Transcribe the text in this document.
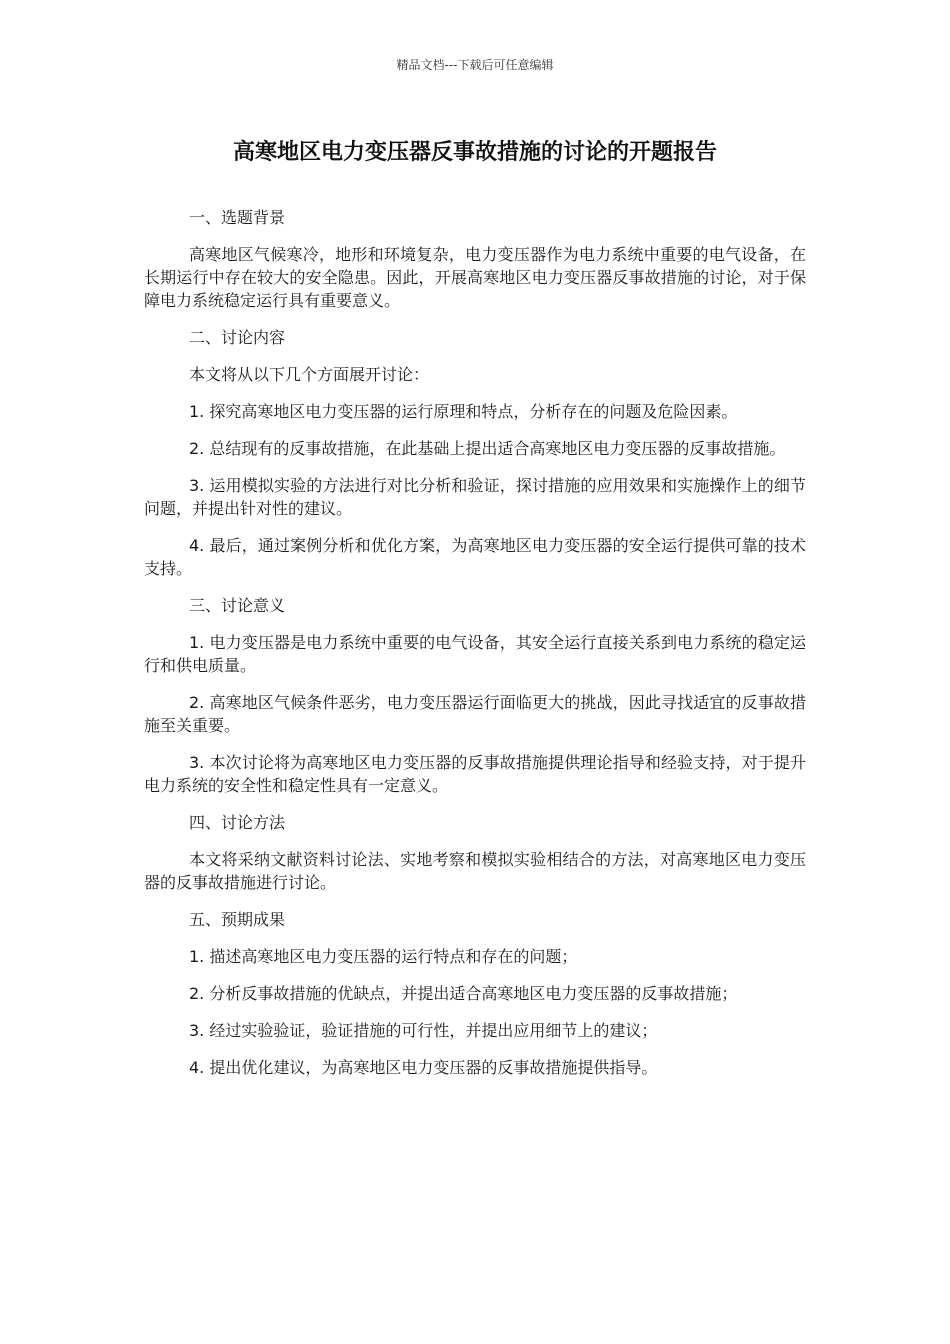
精品文档---下载后可任意编辑
高寒地区电力变压器反事故措施的讨论的开题报告

一、选题背景

高寒地区气候寒冷，地形和环境复杂，电力变压器作为电力系统中重要的电气设备，在长期运行中存在较大的安全隐患。因此，开展高寒地区电力变压器反事故措施的讨论，对于保障电力系统稳定运行具有重要意义。

二、讨论内容

本文将从以下几个方面展开讨论：

1. 探究高寒地区电力变压器的运行原理和特点，分析存在的问题及危险因素。

2. 总结现有的反事故措施，在此基础上提出适合高寒地区电力变压器的反事故措施。

3. 运用模拟实验的方法进行对比分析和验证，探讨措施的应用效果和实施操作上的细节问题，并提出针对性的建议。

4. 最后，通过案例分析和优化方案，为高寒地区电力变压器的安全运行提供可靠的技术支持。

三、讨论意义

1. 电力变压器是电力系统中重要的电气设备，其安全运行直接关系到电力系统的稳定运行和供电质量。

2. 高寒地区气候条件恶劣，电力变压器运行面临更大的挑战，因此寻找适宜的反事故措施至关重要。

3. 本次讨论将为高寒地区电力变压器的反事故措施提供理论指导和经验支持，对于提升电力系统的安全性和稳定性具有一定意义。

四、讨论方法

本文将采纳文献资料讨论法、实地考察和模拟实验相结合的方法，对高寒地区电力变压器的反事故措施进行讨论。

五、预期成果

1. 描述高寒地区电力变压器的运行特点和存在的问题；

2. 分析反事故措施的优缺点，并提出适合高寒地区电力变压器的反事故措施；

3. 经过实验验证，验证措施的可行性，并提出应用细节上的建议；

4. 提出优化建议，为高寒地区电力变压器的反事故措施提供指导。
